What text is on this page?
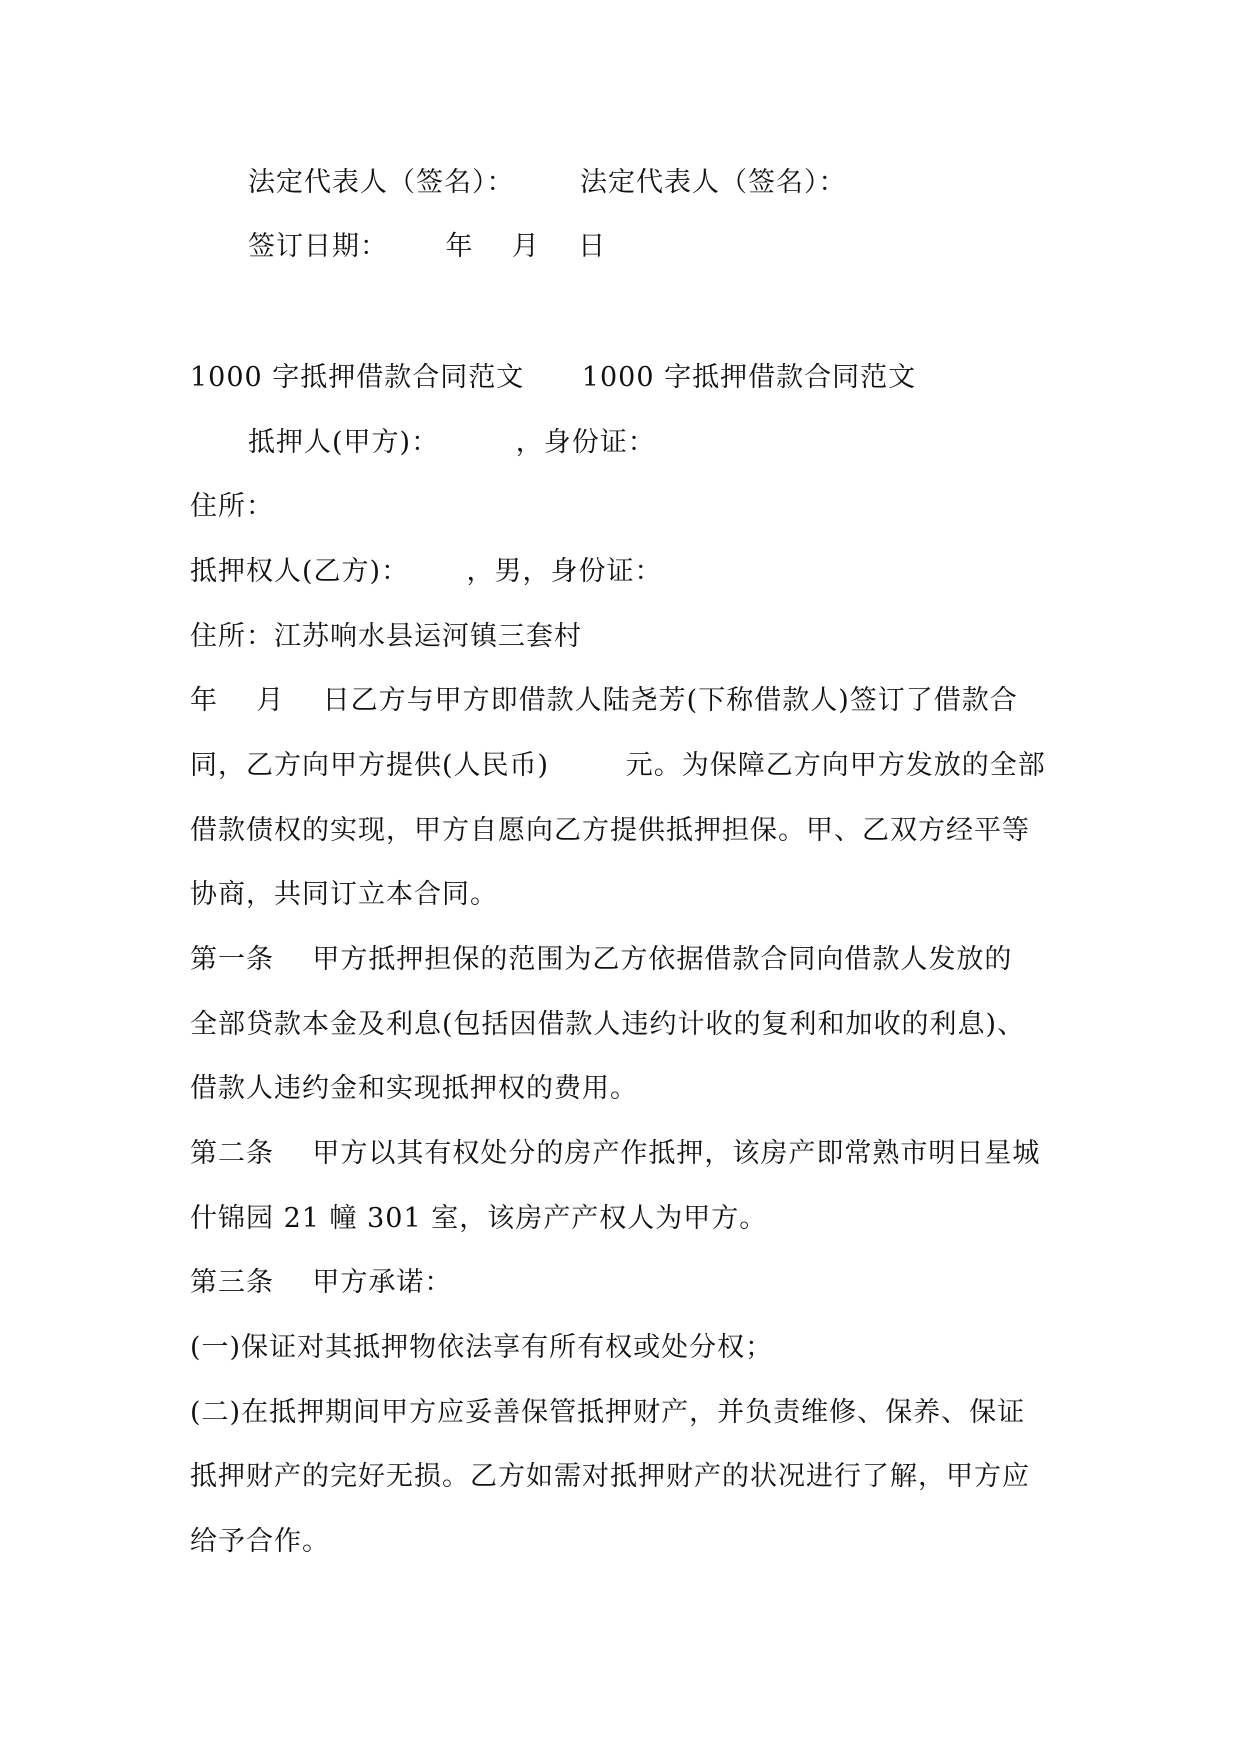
法定代表人（签名）： 法定代表人（签名）：
签订日期：      年    月    日
1000 字抵押借款合同范文      1000 字抵押借款合同范文
抵押人(甲方)：        ，身份证：
住所：
抵押权人(乙方)：      ，男，身份证：
住所：江苏响水县运河镇三套村
年    月    日乙方与甲方即借款人陆尧芳(下称借款人)签订了借款合
同，乙方向甲方提供(人民币)        元。为保障乙方向甲方发放的全部
借款债权的实现，甲方自愿向乙方提供抵押担保。甲、乙双方经平等
协商，共同订立本合同。
第一条    甲方抵押担保的范围为乙方依据借款合同向借款人发放的
全部贷款本金及利息(包括因借款人违约计收的复利和加收的利息)、
借款人违约金和实现抵押权的费用。
第二条    甲方以其有权处分的房产作抵押，该房产即常熟市明日星城
什锦园 21 幢 301 室，该房产产权人为甲方。
第三条    甲方承诺：
(一)保证对其抵押物依法享有所有权或处分权；
(二)在抵押期间甲方应妥善保管抵押财产，并负责维修、保养、保证
抵押财产的完好无损。乙方如需对抵押财产的状况进行了解，甲方应
给予合作。
